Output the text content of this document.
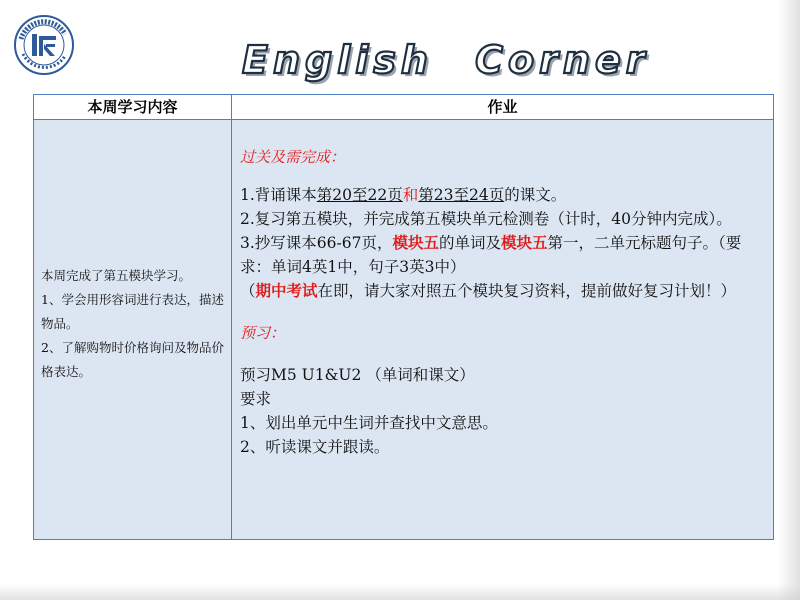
English Corner
本周学习内容	作业
本周完成了第五模块学习。
1、学会用形容词进行表达，描述物品。
2、了解购物时价格询问及物品价格表达。
过关及需完成：
1.背诵课本第20至22页和第23至24页的课文。
2.复习第五模块，并完成第五模块单元检测卷（计时，40分钟内完成）。
3.抄写课本66-67页，模块五的单词及模块五第一，二单元标题句子。（要求：单词4英1中，句子3英3中）
（期中考试在即，请大家对照五个模块复习资料，提前做好复习计划！）
预习：
预习M5 U1&U2 （单词和课文）
要求
1、划出单元中生词并查找中文意思。
2、听读课文并跟读。
